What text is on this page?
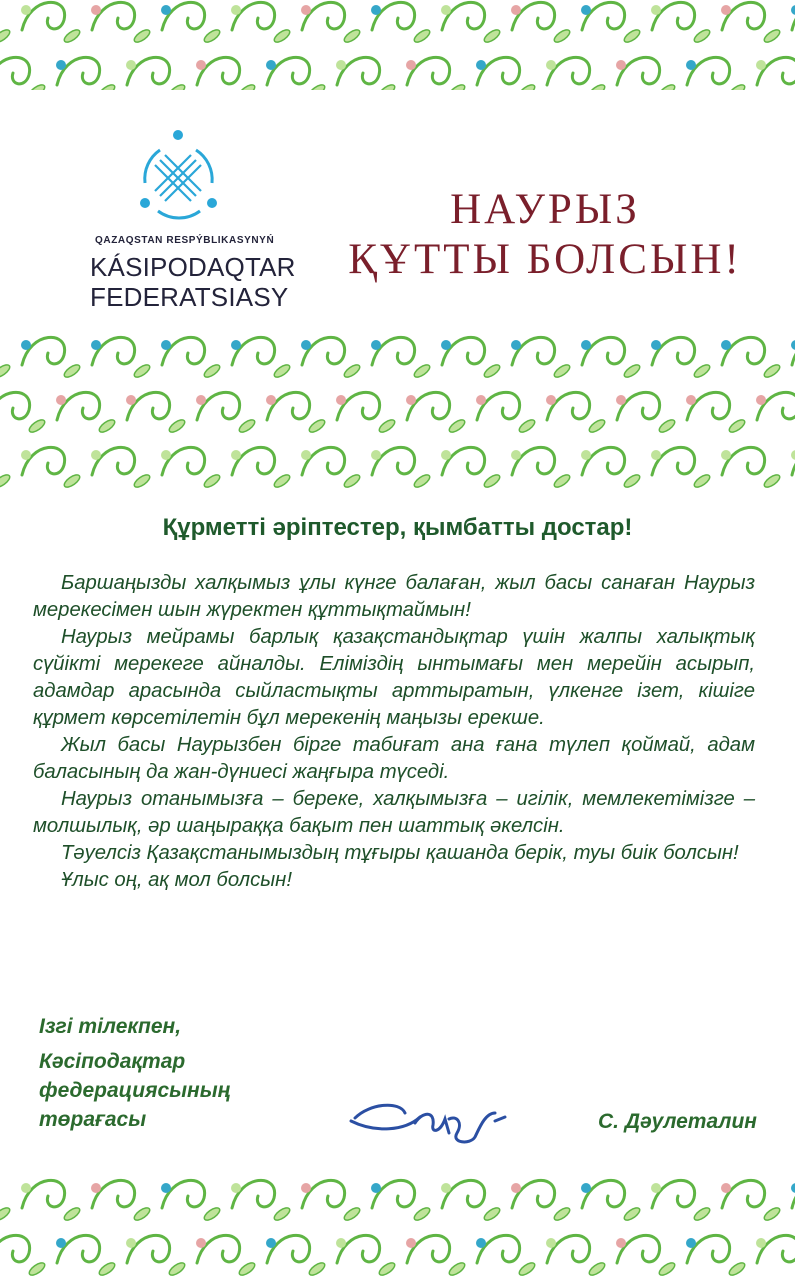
QAZAQSTAN RESPÝBLIKASYNYŃ
KÁSIPODAQTAR
FEDERATSIASY
НАУРЫЗ
ҚҰТТЫ БОЛСЫН!
Құрметті әріптестер, қымбатты достар!

Баршаңызды халқымыз ұлы күнге балаған, жыл басы санаған Наурыз мерекесімен шын жүректен құттықтаймын!

Наурыз мейрамы барлық қазақстандықтар үшін жалпы халықтық сүйікті мерекеге айналды. Еліміздің ынтымағы мен мерейін асырып, адамдар арасында сыйластықты арттыратын, үлкенге ізет, кішіге құрмет көрсетілетін бұл мерекенің маңызы ерекше.

Жыл басы Наурызбен бірге табиғат ана ғана түлеп қоймай, адам баласының да жан-дүниесі жаңғыра түседі.

Наурыз отанымызға – береке, халқымызға – игілік, мемлекетімізге – молшылық, әр шаңыраққа бақыт пен шаттық әкелсін.

Тәуелсіз Қазақстанымыздың тұғыры қашанда берік, туы биік болсын!

Ұлыс оң, ақ мол болсын!

Ізгі тілекпен,
Кәсіподақтар федерациясының төрағасы	С. Дәулеталин
